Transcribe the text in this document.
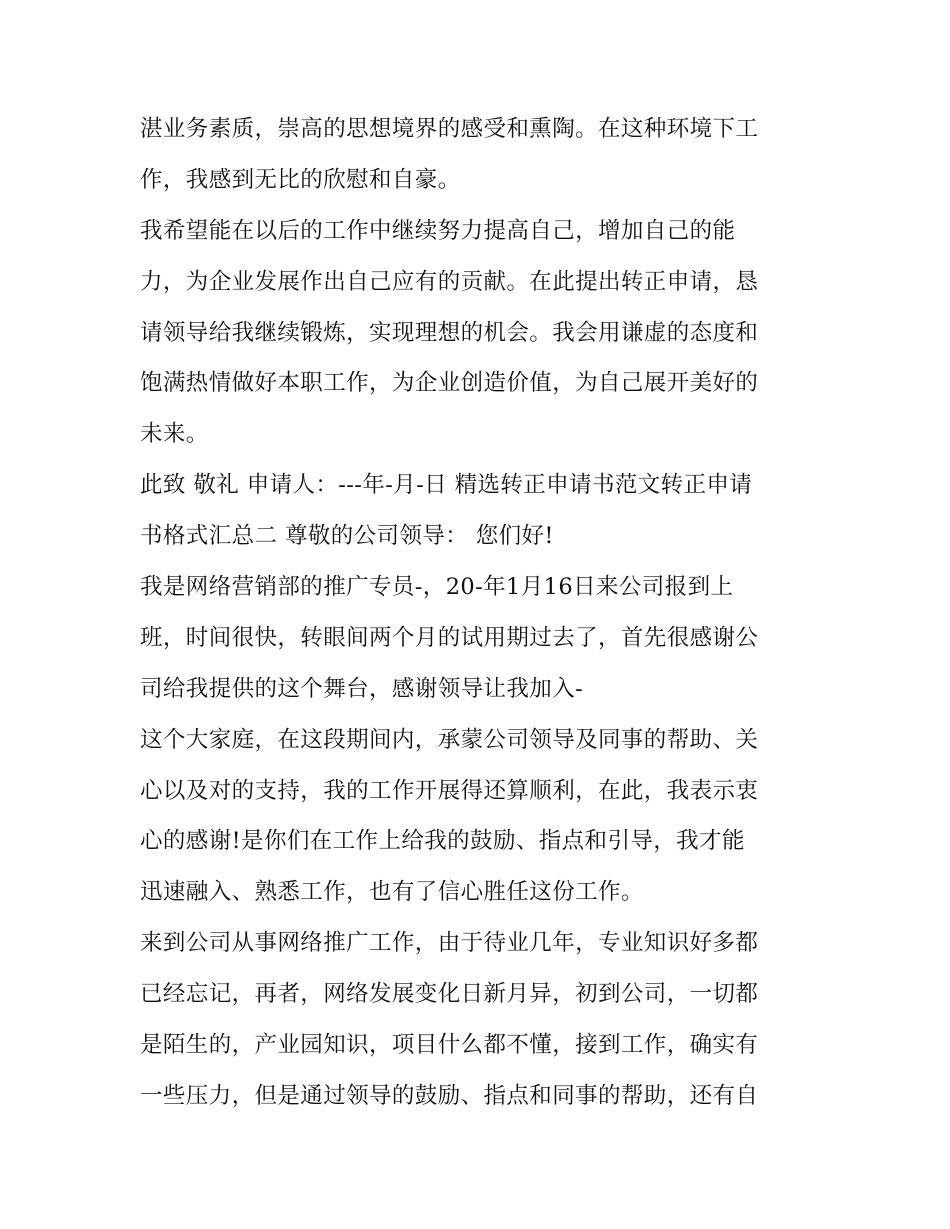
湛业务素质，崇高的思想境界的感受和熏陶。在这种环境下工
作，我感到无比的欣慰和自豪。
我希望能在以后的工作中继续努力提高自己，增加自己的能
力，为企业发展作出自己应有的贡献。在此提出转正申请，恳
请领导给我继续锻炼，实现理想的机会。我会用谦虚的态度和
饱满热情做好本职工作，为企业创造价值，为自己展开美好的
未来。
此致 敬礼 申请人：---年-月-日 精选转正申请书范文转正申请
书格式汇总二 尊敬的公司领导： 您们好!
我是网络营销部的推广专员-，20-年1月16日来公司报到上
班，时间很快，转眼间两个月的试用期过去了，首先很感谢公
司给我提供的这个舞台，感谢领导让我加入-
这个大家庭，在这段期间内，承蒙公司领导及同事的帮助、关
心以及对的支持，我的工作开展得还算顺利，在此，我表示衷
心的感谢!是你们在工作上给我的鼓励、指点和引导，我才能
迅速融入、熟悉工作，也有了信心胜任这份工作。
来到公司从事网络推广工作，由于待业几年，专业知识好多都
已经忘记，再者，网络发展变化日新月异，初到公司，一切都
是陌生的，产业园知识，项目什么都不懂，接到工作，确实有
一些压力，但是通过领导的鼓励、指点和同事的帮助，还有自
